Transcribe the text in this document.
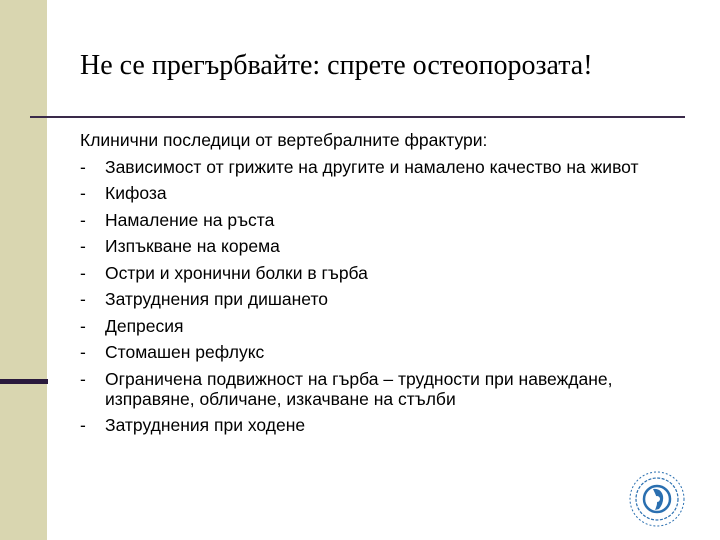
Не се прегърбвайте: спрете остеопорозата!
Клинични последици от вертебралните фрактури:
-	Зависимост от грижите на другите и намалено качество на живот
-	Кифоза
-	Намаление на ръста
-	Изпъкване на корема
-	Остри и хронични болки в гърба
-	Затруднения при дишането
-	Депресия
-	Стомашен рефлукс
-	Ограничена подвижност на гърба – трудности при навеждане, изправяне, обличане, изкачване на стълби
-	Затруднения при ходене
